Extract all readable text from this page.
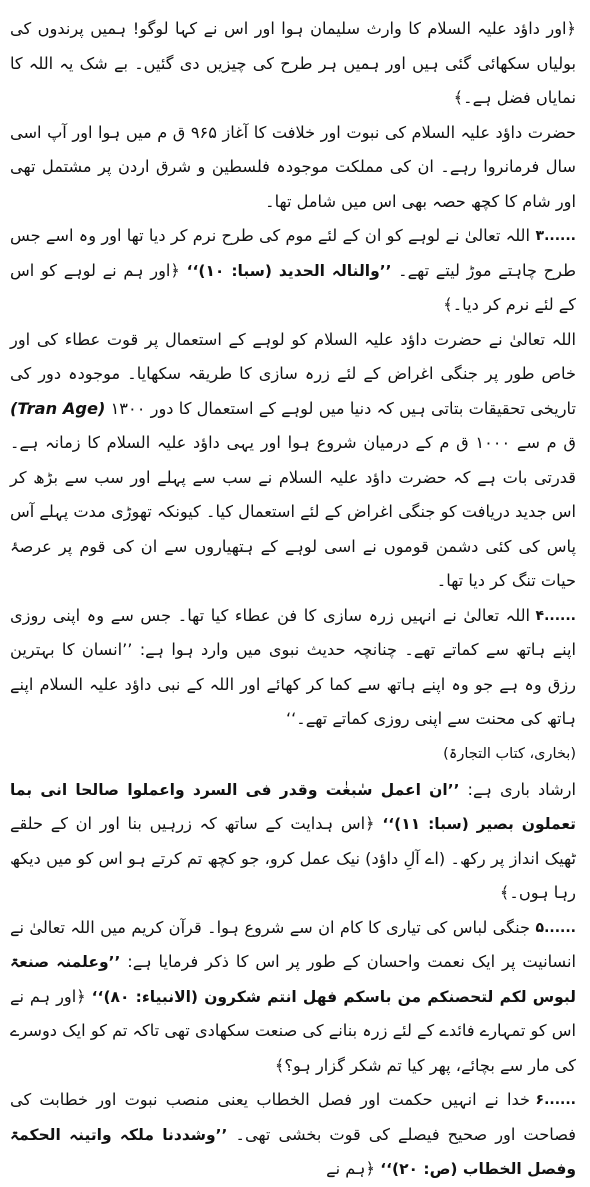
﴿اور داؤد علیہ السلام کا وارث سلیمان ہوا اور اس نے کہا لوگو! ہمیں پرندوں کی بولیاں سکھائی گئی ہیں اور ہمیں ہر طرح کی چیزیں دی گئیں۔ بے شک یہ اللہ کا نمایاں فضل ہے۔﴾

حضرت داؤد علیہ السلام کی نبوت اور خلافت کا آغاز ۹۶۵ ق م میں ہوا اور آپ اسی سال فرمانروا رہے۔ ان کی مملکت موجودہ فلسطین و شرق اردن پر مشتمل تھی اور شام کا کچھ حصہ بھی اس میں شامل تھا۔

۳......
اللہ تعالیٰ نے لوہے کو ان کے لئے موم کی طرح نرم کر دیا تھا اور وہ اسے جس طرح چاہتے موڑ لیتے تھے۔ ’’والنالہ الحدید (سبا: ۱۰)‘‘ ﴿اور ہم نے لوہے کو اس کے لئے نرم کر دیا۔﴾

اللہ تعالیٰ نے حضرت داؤد علیہ السلام کو لوہے کے استعمال پر قوت عطاء کی اور خاص طور پر جنگی اغراض کے لئے زرہ سازی کا طریقہ سکھایا۔ موجودہ دور کی تاریخی تحقیقات بتاتی ہیں کہ دنیا میں لوہے کے استعمال کا دور (Tran Age) ۱۳۰۰ ق م سے ۱۰۰۰ ق م کے درمیان شروع ہوا اور یہی داؤد علیہ السلام کا زمانہ ہے۔ قدرتی بات ہے کہ حضرت داؤد علیہ السلام نے سب سے پہلے اور سب سے بڑھ کر اس جدید دریافت کو جنگی اغراض کے لئے استعمال کیا۔ کیونکہ تھوڑی مدت پہلے آس پاس کی کئی دشمن قوموں نے اسی لوہے کے ہتھیاروں سے ان کی قوم پر عرصۂ حیات تنگ کر دیا تھا۔

۴......
اللہ تعالیٰ نے انہیں زرہ سازی کا فن عطاء کیا تھا۔ جس سے وہ اپنی روزی اپنے ہاتھ سے کماتے تھے۔ چنانچہ حدیث نبوی میں وارد ہوا ہے: ’’انسان کا بہترین رزق وہ ہے جو وہ اپنے ہاتھ سے کما کر کھائے اور اللہ کے نبی داؤد علیہ السلام اپنے ہاتھ کی محنت سے اپنی روزی کماتے تھے۔‘‘

(بخاری، کتاب التجارۃ)

ارشاد باری ہے: ’’ان اعمل سٰبغٰت وقدر فی السرد واعملوا صالحا انی بما تعملون بصیر (سبا: ۱۱)‘‘ ﴿اس ہدایت کے ساتھ کہ زرہیں بنا اور ان کے حلقے ٹھیک انداز پر رکھ۔ (اے آلِ داؤد) نیک عمل کرو، جو کچھ تم کرتے ہو اس کو میں دیکھ رہا ہوں۔﴾

۵......
جنگی لباس کی تیاری کا کام ان سے شروع ہوا۔ قرآن کریم میں اللہ تعالیٰ نے انسانیت پر ایک نعمت واحسان کے طور پر اس کا ذکر فرمایا ہے: ’’وعلمنہ صنعۃ لبوس لکم لتحصنکم من باسکم فھل انتم شکرون (الانبیاء: ۸۰)‘‘ ﴿اور ہم نے اس کو تمہارے فائدے کے لئے زرہ بنانے کی صنعت سکھادی تھی تاکہ تم کو ایک دوسرے کی مار سے بچائے، پھر کیا تم شکر گزار ہو؟﴾

۶......
خدا نے انہیں حکمت اور فصل الخطاب یعنی منصب نبوت اور خطابت کی فصاحت اور صحیح فیصلے کی قوت بخشی تھی۔ ’’وشددنا ملکہ واتینہ الحکمۃ وفصل الخطاب (ص: ۲۰)‘‘ ﴿ہم نے
